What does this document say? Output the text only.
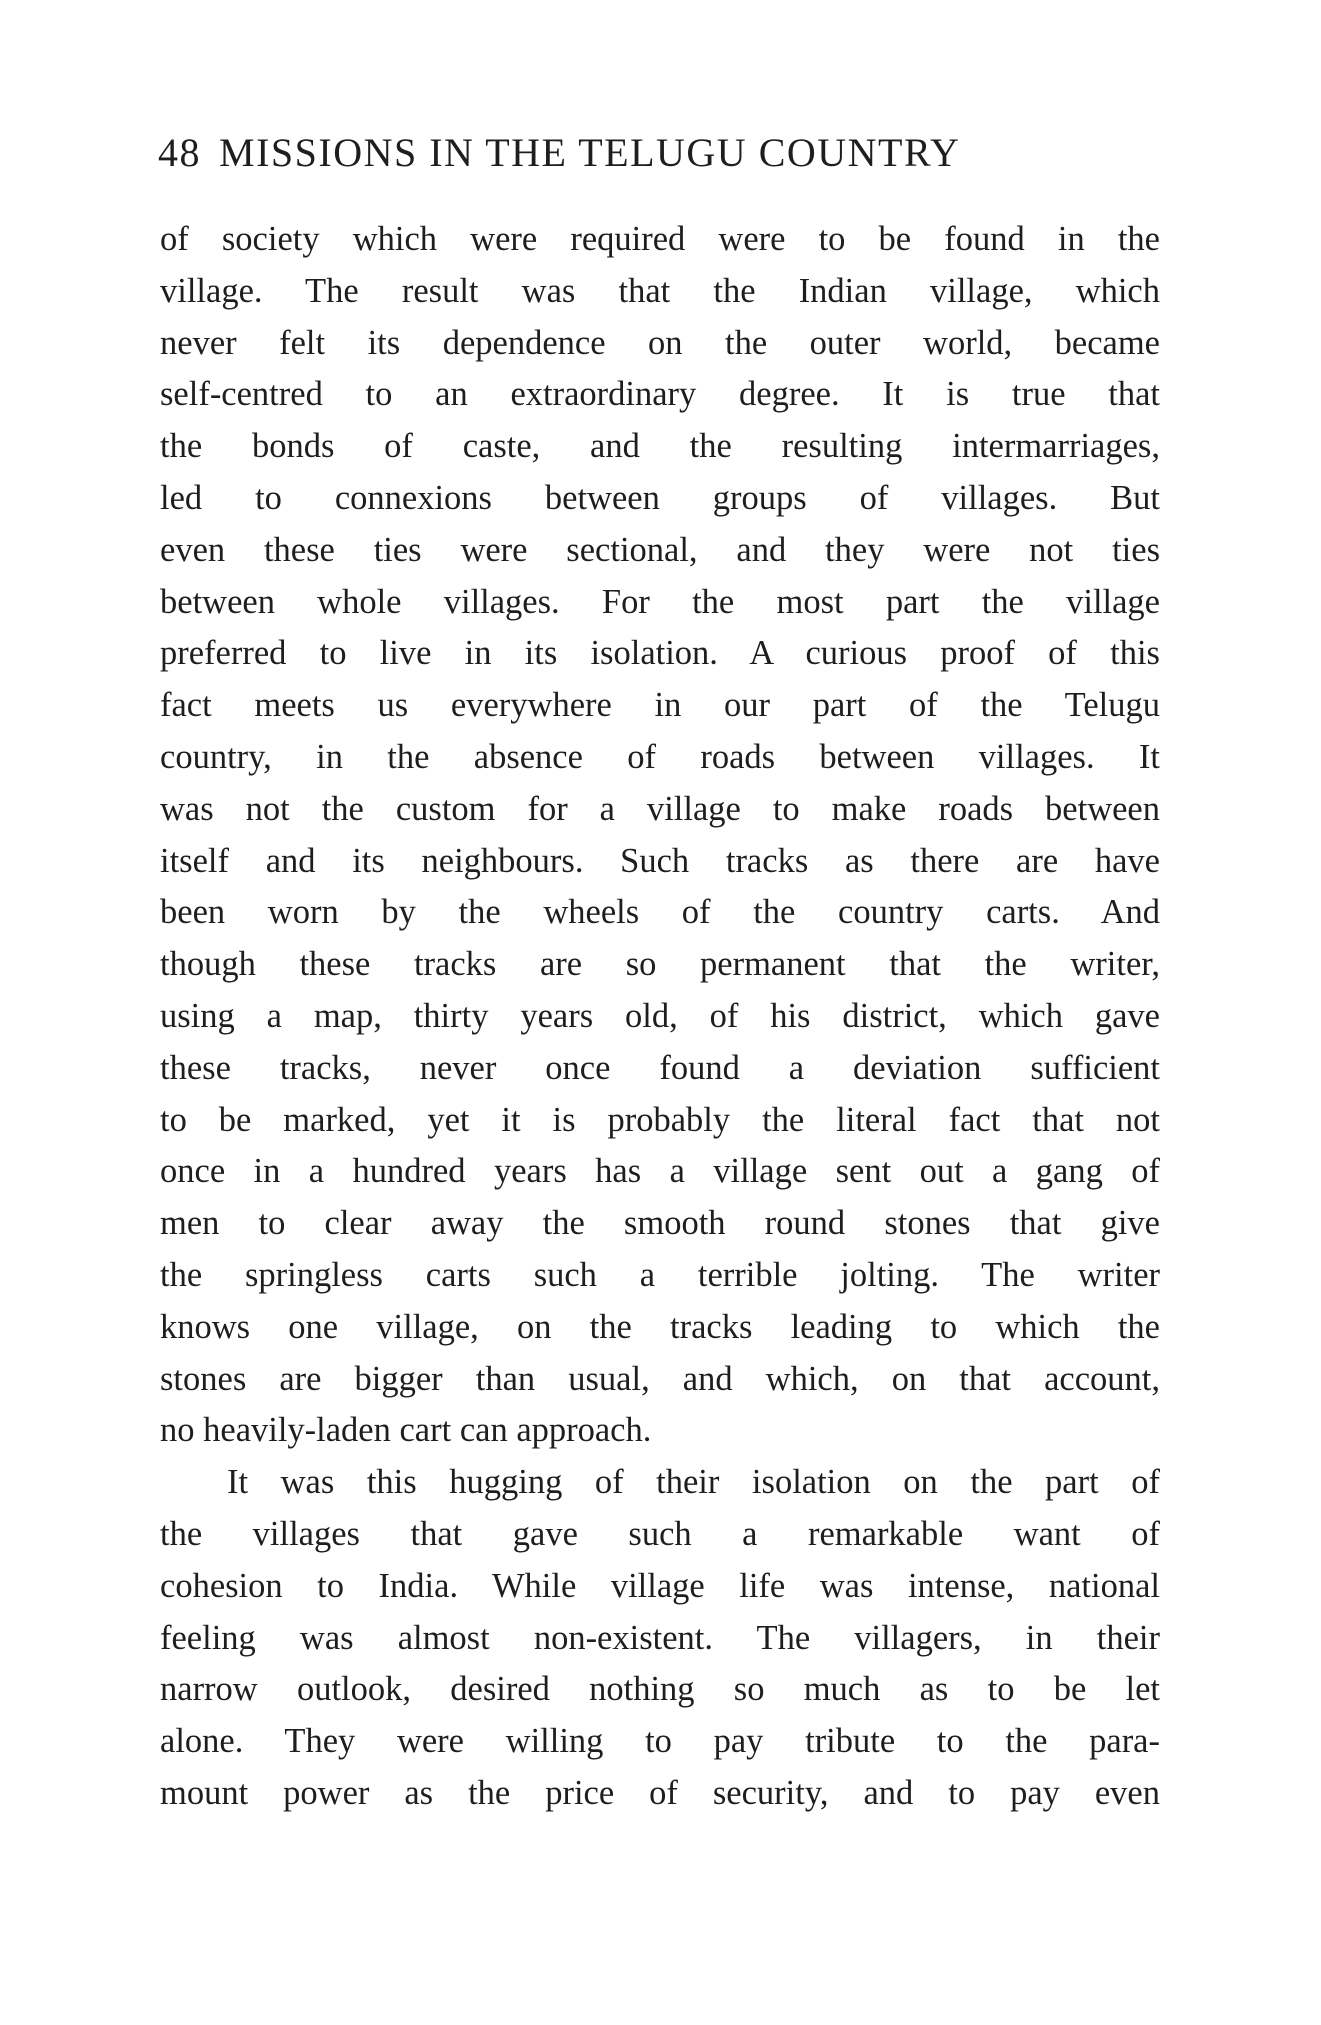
48 MISSIONS IN THE TELUGU COUNTRY
of society which were required were to be found in the
village. The result was that the Indian village, which
never felt its dependence on the outer world, became
self-centred to an extraordinary degree. It is true that
the bonds of caste, and the resulting intermarriages,
led to connexions between groups of villages. But
even these ties were sectional, and they were not ties
between whole villages. For the most part the village
preferred to live in its isolation. A curious proof of this
fact meets us everywhere in our part of the Telugu
country, in the absence of roads between villages. It
was not the custom for a village to make roads between
itself and its neighbours. Such tracks as there are have
been worn by the wheels of the country carts. And
though these tracks are so permanent that the writer,
using a map, thirty years old, of his district, which gave
these tracks, never once found a deviation sufficient
to be marked, yet it is probably the literal fact that not
once in a hundred years has a village sent out a gang of
men to clear away the smooth round stones that give
the springless carts such a terrible jolting. The writer
knows one village, on the tracks leading to which the
stones are bigger than usual, and which, on that account,
no heavily-laden cart can approach.
It was this hugging of their isolation on the part of
the villages that gave such a remarkable want of
cohesion to India. While village life was intense, national
feeling was almost non-existent. The villagers, in their
narrow outlook, desired nothing so much as to be let
alone. They were willing to pay tribute to the para-
mount power as the price of security, and to pay even
